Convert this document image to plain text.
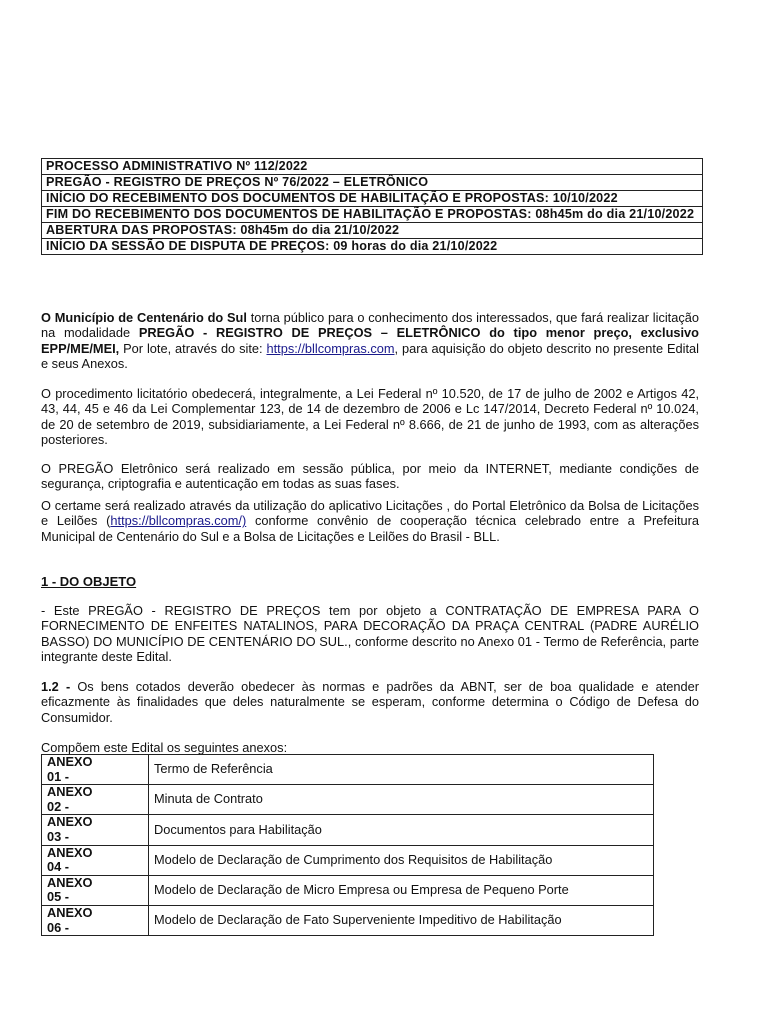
PROCESSO ADMINISTRATIVO Nº 112/2022
PREGÃO - REGISTRO DE PREÇOS Nº 76/2022 – ELETRÔNICO
INÍCIO DO RECEBIMENTO DOS DOCUMENTOS DE HABILITAÇÃO E PROPOSTAS: 10/10/2022
FIM DO RECEBIMENTO DOS DOCUMENTOS DE HABILITAÇÃO E PROPOSTAS: 08h45m do dia 21/10/2022
ABERTURA DAS PROPOSTAS: 08h45m do dia 21/10/2022
INÍCIO DA SESSÃO DE DISPUTA DE PREÇOS: 09 horas do dia 21/10/2022
O Município de Centenário do Sul torna público para o conhecimento dos interessados, que fará realizar licitação na modalidade PREGÃO - REGISTRO DE PREÇOS – ELETRÔNICO do tipo menor preço, exclusivo EPP/ME/MEI, Por lote, através do site: https://bllcompras.com, para aquisição do objeto descrito no presente Edital e seus Anexos.
O procedimento licitatório obedecerá, integralmente, a Lei Federal nº 10.520, de 17 de julho de 2002 e Artigos 42, 43, 44, 45 e 46 da Lei Complementar 123, de 14 de dezembro de 2006 e Lc 147/2014, Decreto Federal nº 10.024, de 20 de setembro de 2019, subsidiariamente, a Lei Federal nº 8.666, de 21 de junho de 1993, com as alterações posteriores.
O PREGÃO Eletrônico será realizado em sessão pública, por meio da INTERNET, mediante condições de segurança, criptografia e autenticação em todas as suas fases.
O certame será realizado através da utilização do aplicativo Licitações , do Portal Eletrônico da Bolsa de Licitações e Leilões (https://bllcompras.com/) conforme convênio de cooperação técnica celebrado entre a Prefeitura Municipal de Centenário do Sul e a Bolsa de Licitações e Leilões do Brasil - BLL.
1 - DO OBJETO
- Este PREGÃO - REGISTRO DE PREÇOS tem por objeto a CONTRATAÇÃO DE EMPRESA PARA O FORNECIMENTO DE ENFEITES NATALINOS, PARA DECORAÇÃO DA PRAÇA CENTRAL (PADRE AURÉLIO BASSO) DO MUNICÍPIO DE CENTENÁRIO DO SUL., conforme descrito no Anexo 01 - Termo de Referência, parte integrante deste Edital.
1.2 - Os bens cotados deverão obedecer às normas e padrões da ABNT, ser de boa qualidade e atender eficazmente às finalidades que deles naturalmente se esperam, conforme determina o Código de Defesa do Consumidor.
Compõem este Edital os seguintes anexos:
ANEXO
01 -	Termo de Referência
ANEXO
02 -	Minuta de Contrato
ANEXO
03 -	Documentos para Habilitação
ANEXO
04 -	Modelo de Declaração de Cumprimento dos Requisitos de Habilitação
ANEXO
05 -	Modelo de Declaração de Micro Empresa ou Empresa de Pequeno Porte
ANEXO
06 -	Modelo de Declaração de Fato Superveniente Impeditivo de Habilitação
